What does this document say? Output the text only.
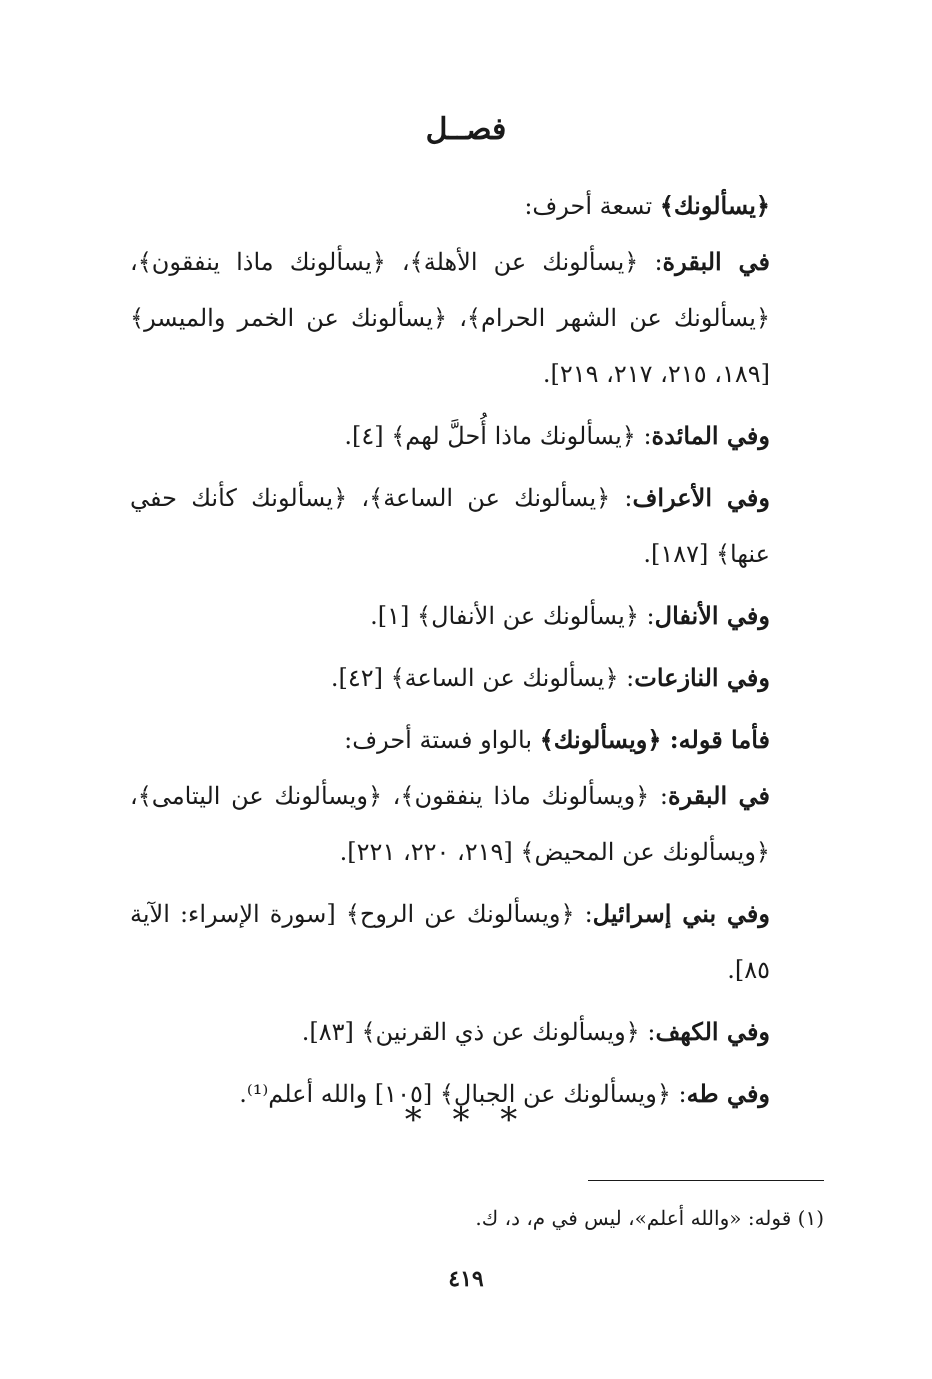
فصــل

﴿يسألونك﴾ تسعة أحرف:

في البقرة: ﴿يسألونك عن الأهلة﴾، ﴿يسألونك ماذا ينفقون﴾، ﴿يسألونك عن الشهر الحرام﴾، ﴿يسألونك عن الخمر والميسر﴾ [١٨٩، ٢١٥، ٢١٧، ٢١٩].

وفي المائدة: ﴿يسألونك ماذا أُحلَّ لهم﴾ [٤].

وفي الأعراف: ﴿يسألونك عن الساعة﴾، ﴿يسألونك كأنك حفي عنها﴾ [١٨٧].

وفي الأنفال: ﴿يسألونك عن الأنفال﴾ [١].

وفي النازعات: ﴿يسألونك عن الساعة﴾ [٤٢].

فأما قوله: ﴿ويسألونك﴾ بالواو فستة أحرف:

في البقرة: ﴿ويسألونك ماذا ينفقون﴾، ﴿ويسألونك عن اليتامى﴾، ﴿ويسألونك عن المحيض﴾ [٢١٩، ٢٢٠، ٢٢١].

وفي بني إسرائيل: ﴿ويسألونك عن الروح﴾ [سورة الإسراء: الآية ٨٥].

وفي الكهف: ﴿ويسألونك عن ذي القرنين﴾ [٨٣].

وفي طه: ﴿ويسألونك عن الجبال﴾ [١٠٥] والله أعلم⁽¹⁾.

* * *
(١) قوله: «والله أعلم»، ليس في م، د، ك.
٤١٩
